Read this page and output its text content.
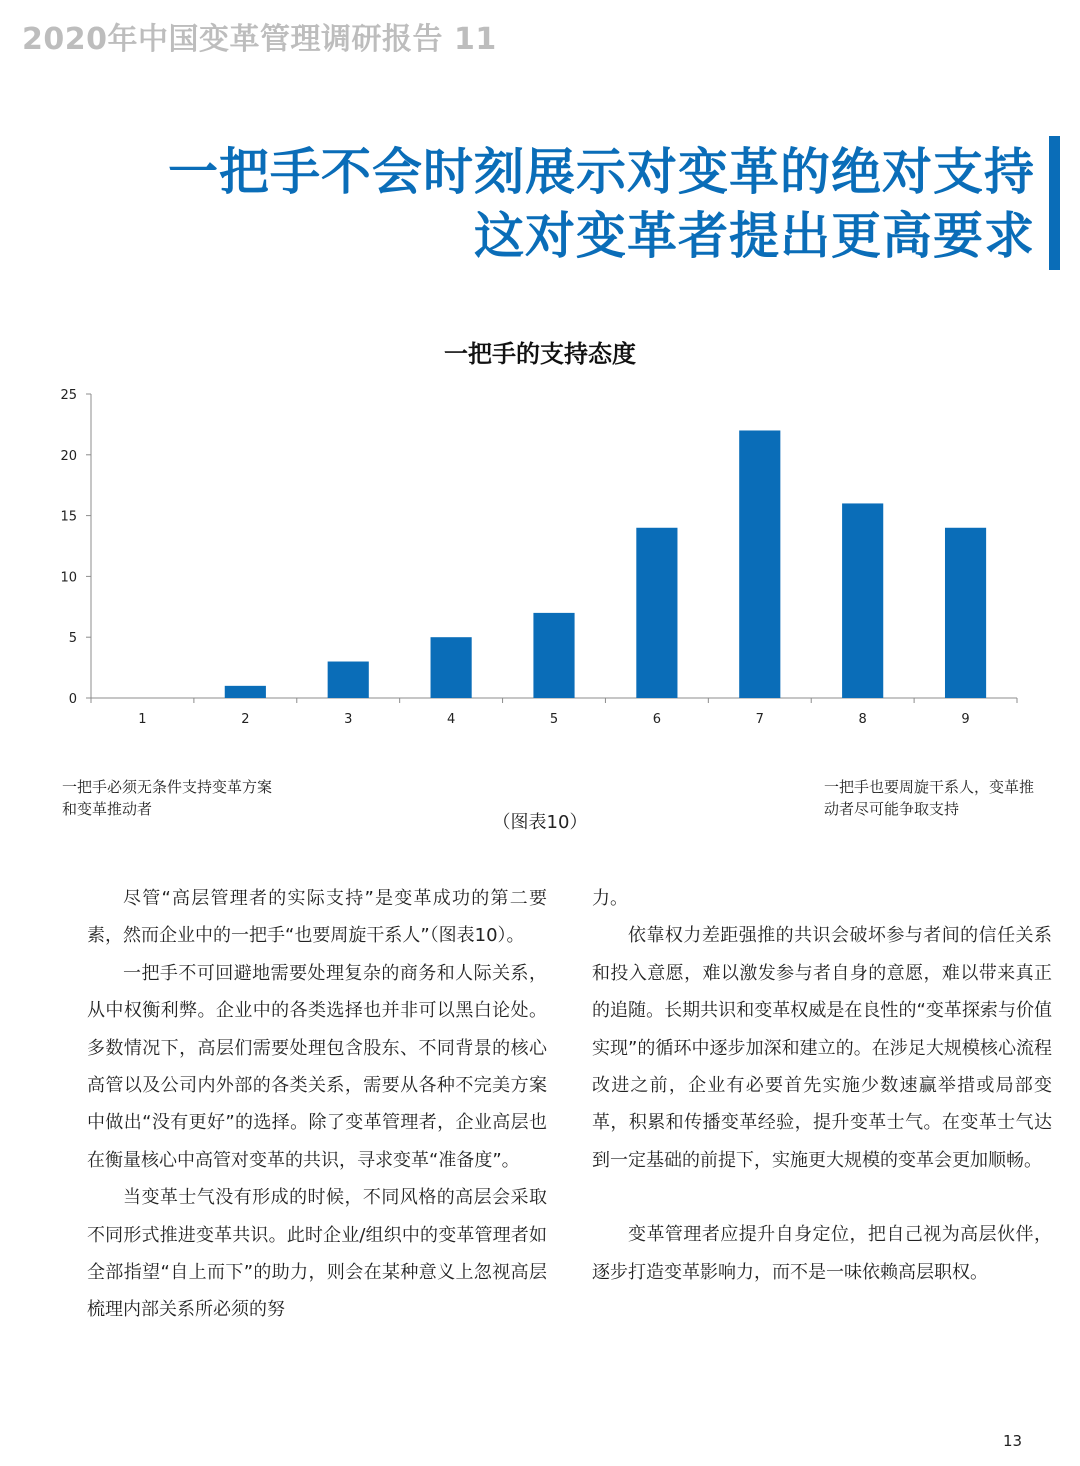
2020年中国变革管理调研报告 11
一把手不会时刻展示对变革的绝对支持
这对变革者提出更高要求
一把手的支持态度
0
5
10
15
20
25
1	2	3	4	5	6	7	8	9
一把手必须无条件支持变革方案和变革推动者
一把手也要周旋干系人，变革推动者尽可能争取支持
（图表10）

尽管“高层管理者的实际支持”是变革成功的第二要素，然而企业中的一把手“也要周旋干系人”（图表10）。

一把手不可回避地需要处理复杂的商务和人际关系，从中权衡利弊。企业中的各类选择也并非可以黑白论处。多数情况下，高层们需要处理包含股东、不同背景的核心高管以及公司内外部的各类关系，需要从各种不完美方案中做出“没有更好”的选择。除了变革管理者，企业高层也在衡量核心中高管对变革的共识，寻求变革“准备度”。

当变革士气没有形成的时候，不同风格的高层会采取不同形式推进变革共识。此时企业/组织中的变革管理者如全部指望“自上而下”的助力，则会在某种意义上忽视高层梳理内部关系所必须的努

力。

依靠权力差距强推的共识会破坏参与者间的信任关系和投入意愿，难以激发参与者自身的意愿，难以带来真正的追随。长期共识和变革权威是在良性的“变革探索与价值实现”的循环中逐步加深和建立的。在涉足大规模核心流程改进之前，企业有必要首先实施少数速赢举措或局部变革，积累和传播变革经验，提升变革士气。在变革士气达到一定基础的前提下，实施更大规模的变革会更加顺畅。

变革管理者应提升自身定位，把自己视为高层伙伴，逐步打造变革影响力，而不是一味依赖高层职权。

13
